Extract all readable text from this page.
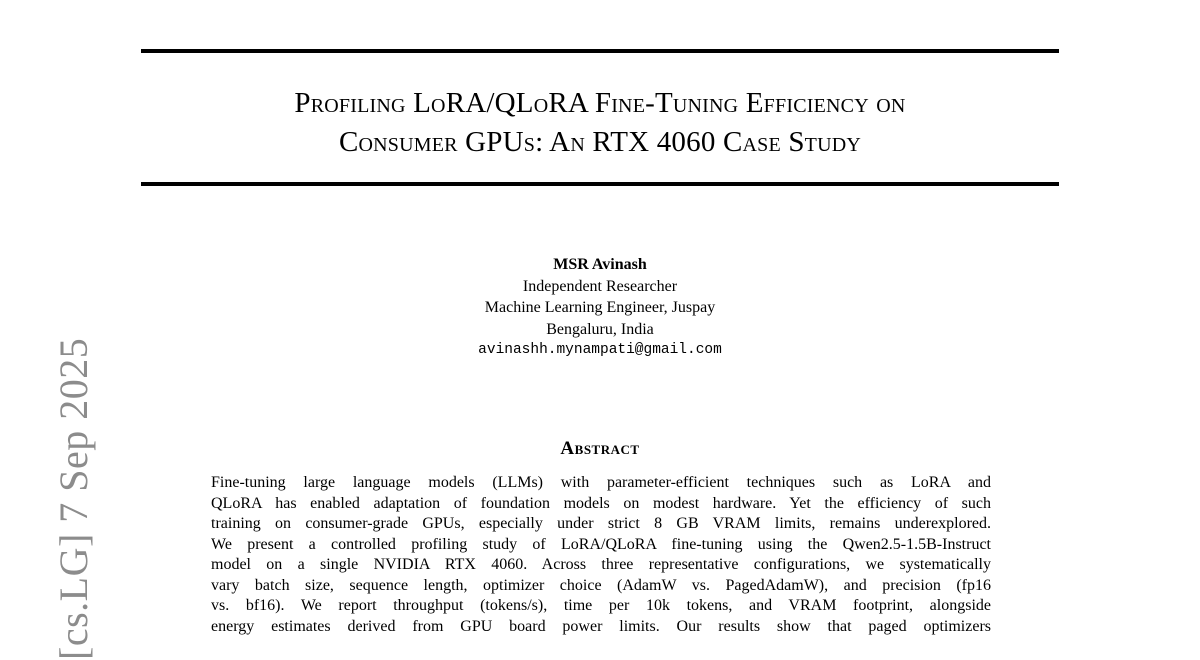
Profiling LoRA/QLoRA Fine-Tuning Efficiency on
Consumer GPUs: An RTX 4060 Case Study
MSR Avinash
Independent Researcher
Machine Learning Engineer, Juspay
Bengaluru, India
avinashh.mynampati@gmail.com
Abstract
Fine-tuning large language models (LLMs) with parameter-efficient techniques such as LoRA and
QLoRA has enabled adaptation of foundation models on modest hardware. Yet the efficiency of such
training on consumer-grade GPUs, especially under strict 8 GB VRAM limits, remains underexplored.
We present a controlled profiling study of LoRA/QLoRA fine-tuning using the Qwen2.5-1.5B-Instruct
model on a single NVIDIA RTX 4060. Across three representative configurations, we systematically
vary batch size, sequence length, optimizer choice (AdamW vs. PagedAdamW), and precision (fp16
vs. bf16). We report throughput (tokens/s), time per 10k tokens, and VRAM footprint, alongside
energy estimates derived from GPU board power limits. Our results show that paged optimizers
[cs.LG] 7 Sep 2025
